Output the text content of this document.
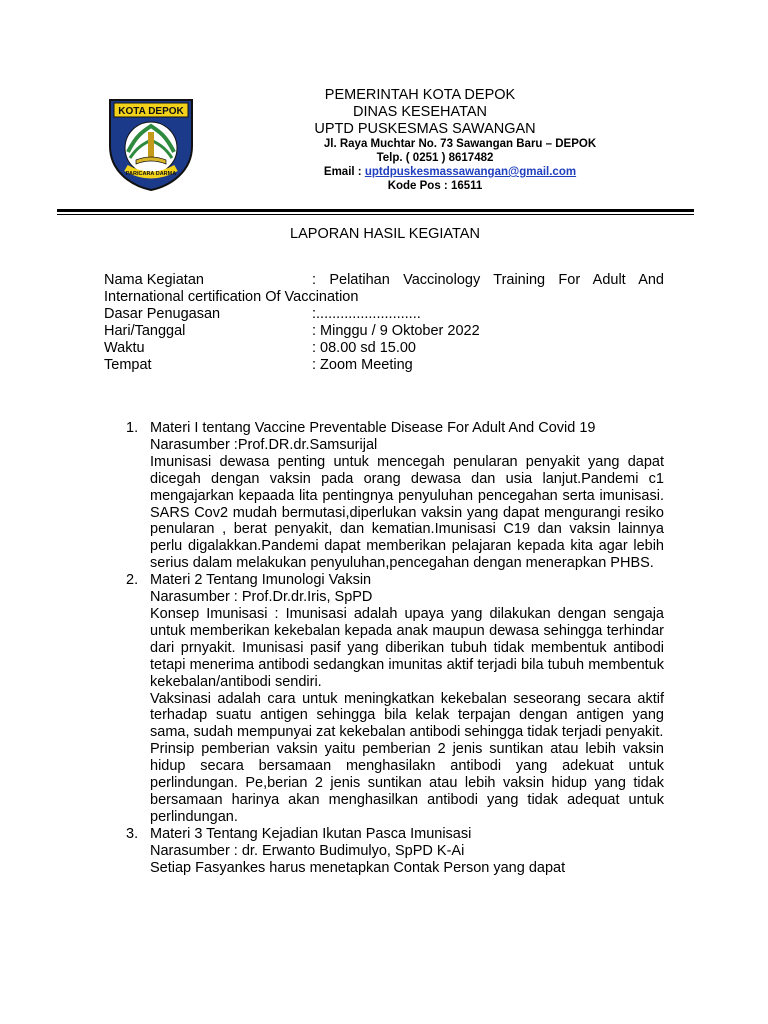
KOTA DEPOK
PARICARA DARMA
PEMERINTAH KOTA DEPOK
DINAS KESEHATAN
UPTD PUSKESMAS SAWANGAN
Jl. Raya Muchtar No. 73 Sawangan Baru – DEPOK
Telp. ( 0251 ) 8617482
Email : uptdpuskesmassawangan@gmail.com
Kode Pos : 16511
LAPORAN HASIL KEGIATAN
Nama Kegiatan	: Pelatihan Vaccinology Training For Adult And International certification Of Vaccination
Dasar Penugasan	:..........................
Hari/Tanggal	: Minggu / 9 Oktober 2022
Waktu	: 08.00 sd 15.00
Tempat	: Zoom Meeting
1. Materi I tentang Vaccine Preventable Disease For Adult And Covid 19
Narasumber :Prof.DR.dr.Samsurijal

Imunisasi dewasa penting untuk mencegah penularan penyakit yang dapat dicegah dengan vaksin pada orang dewasa dan usia lanjut.Pandemi c1 mengajarkan kepaada lita pentingnya penyuluhan pencegahan serta imunisasi. SARS Cov2 mudah bermutasi,diperlukan vaksin yang dapat mengurangi resiko penularan , berat penyakit, dan kematian.Imunisasi C19 dan vaksin lainnya perlu digalakkan.Pandemi dapat memberikan pelajaran kepada kita agar lebih serius dalam melakukan penyuluhan,pencegahan dengan menerapkan PHBS.

2. Materi 2 Tentang Imunologi Vaksin
Narasumber : Prof.Dr.dr.Iris, SpPD

Konsep Imunisasi : Imunisasi adalah upaya yang dilakukan dengan sengaja untuk memberikan kekebalan kepada anak maupun dewasa sehingga terhindar dari prnyakit. Imunisasi pasif yang diberikan tubuh tidak membentuk antibodi tetapi menerima antibodi sedangkan imunitas aktif terjadi bila tubuh membentuk kekebalan/antibodi sendiri.

Vaksinasi adalah cara untuk meningkatkan kekebalan seseorang secara aktif terhadap suatu antigen sehingga bila kelak terpajan dengan antigen yang sama, sudah mempunyai zat kekebalan antibodi sehingga tidak terjadi penyakit.

Prinsip pemberian vaksin yaitu pemberian 2 jenis suntikan atau lebih vaksin hidup secara bersamaan menghasilakn antibodi yang adekuat untuk perlindungan. Pe,berian 2 jenis suntikan atau lebih vaksin hidup yang tidak bersamaan harinya akan menghasilkan antibodi yang tidak adequat untuk perlindungan.

3. Materi 3 Tentang Kejadian Ikutan Pasca Imunisasi
Narasumber : dr. Erwanto Budimulyo, SpPD K-Ai

Setiap Fasyankes harus menetapkan Contak Person yang dapat
